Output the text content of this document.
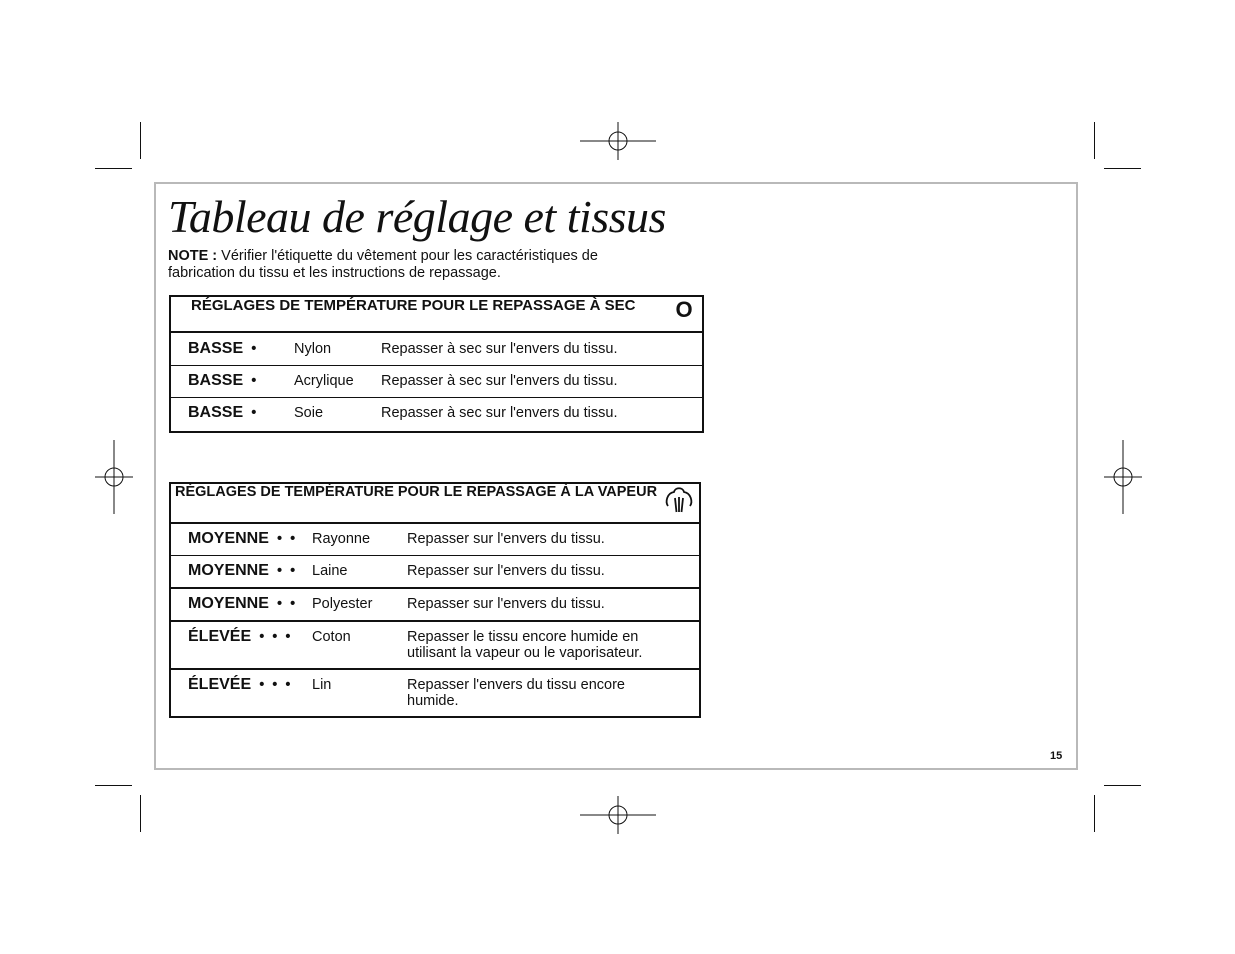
Tableau de réglage et tissus
NOTE : Vérifier l'étiquette du vêtement pour les caractéristiques de fabrication du tissu et les instructions de repassage.
RÉGLAGES DE TEMPÉRATURE POUR LE REPASSAGE À SEC			O
BASSE •	Nylon	Repasser à sec sur l'envers du tissu.	
BASSE •	Acrylique	Repasser à sec sur l'envers du tissu.	
BASSE •	Soie	Repasser à sec sur l'envers du tissu.	
RÉGLAGES DE TEMPÉRATURE POUR LE REPASSAGE À LA VAPEUR	
MOYENNE • •	Rayonne	Repasser sur l'envers du tissu.	
MOYENNE • •	Laine	Repasser sur l'envers du tissu.	
MOYENNE • •	Polyester	Repasser sur l'envers du tissu.	
ÉLEVÉE • • •	Coton	Repasser le tissu encore humide en utilisant la vapeur ou le vaporisateur.	
ÉLEVÉE • • •	Lin	Repasser l'envers du tissu encore humide.	
15
